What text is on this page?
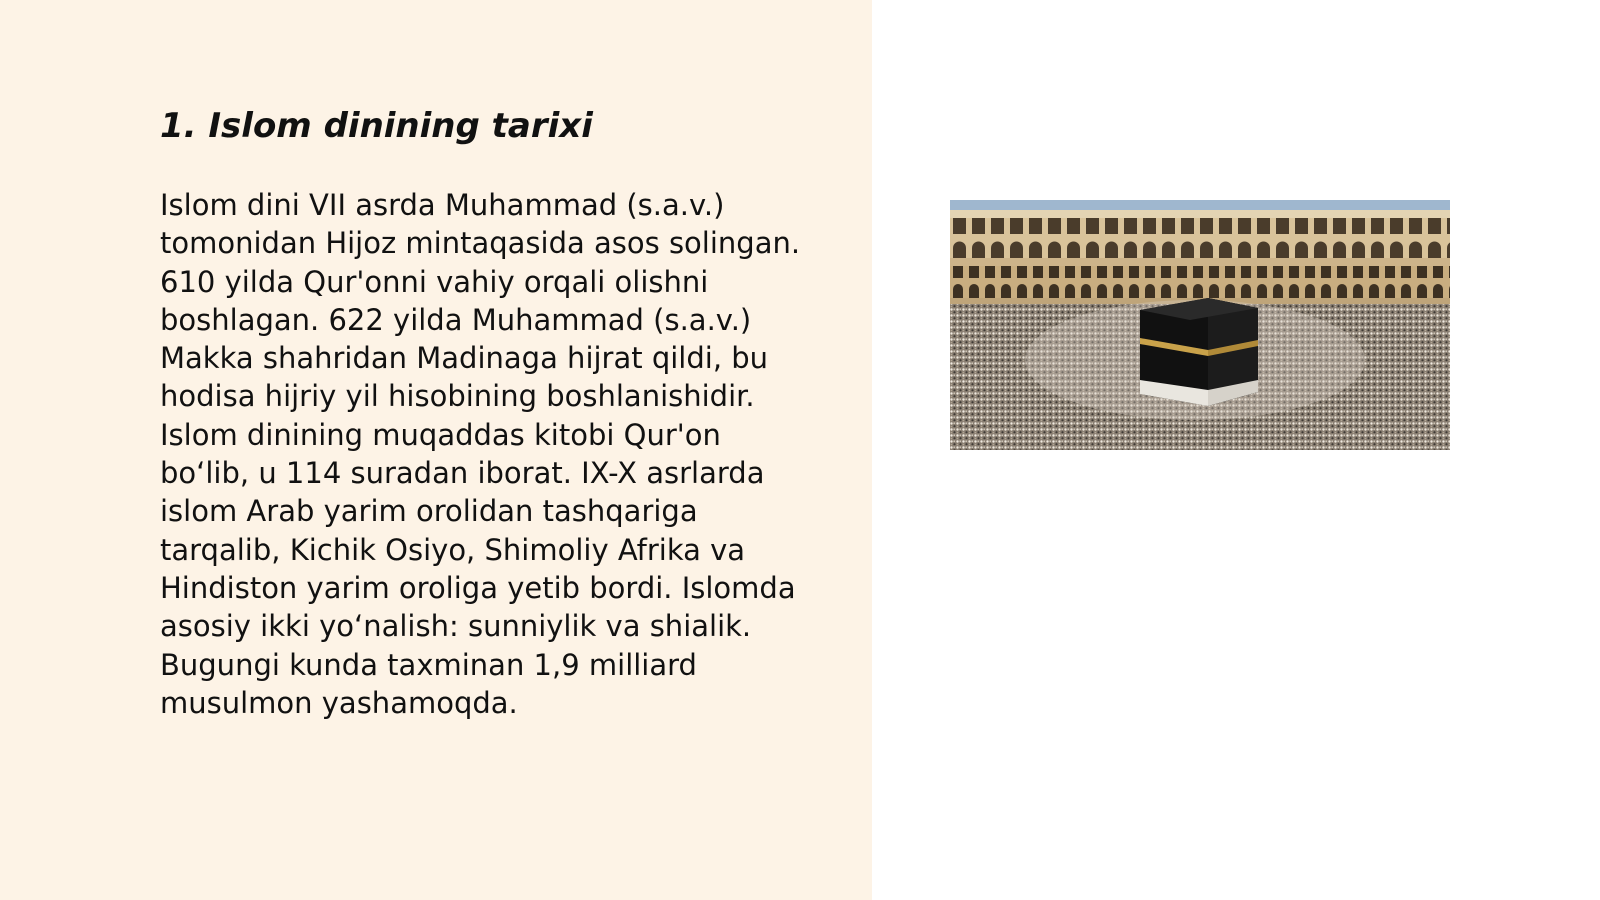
1. Islom dinining tarixi

Islom dini VII asrda Muhammad (s.a.v.)
tomonidan Hijoz mintaqasida asos solingan.
610 yilda Qur'onni vahiy orqali olishni
boshlagan. 622 yilda Muhammad (s.a.v.)
Makka shahridan Madinaga hijrat qildi, bu
hodisa hijriy yil hisobining boshlanishidir.
Islom dinining muqaddas kitobi Qur'on
bo‘lib, u 114 suradan iborat. IX-X asrlarda
islom Arab yarim orolidan tashqariga
tarqalib, Kichik Osiyo, Shimoliy Afrika va
Hindiston yarim oroliga yetib bordi. Islomda
asosiy ikki yo‘nalish: sunniylik va shialik.
Bugungi kunda taxminan 1,9 milliard
musulmon yashamoqda.
